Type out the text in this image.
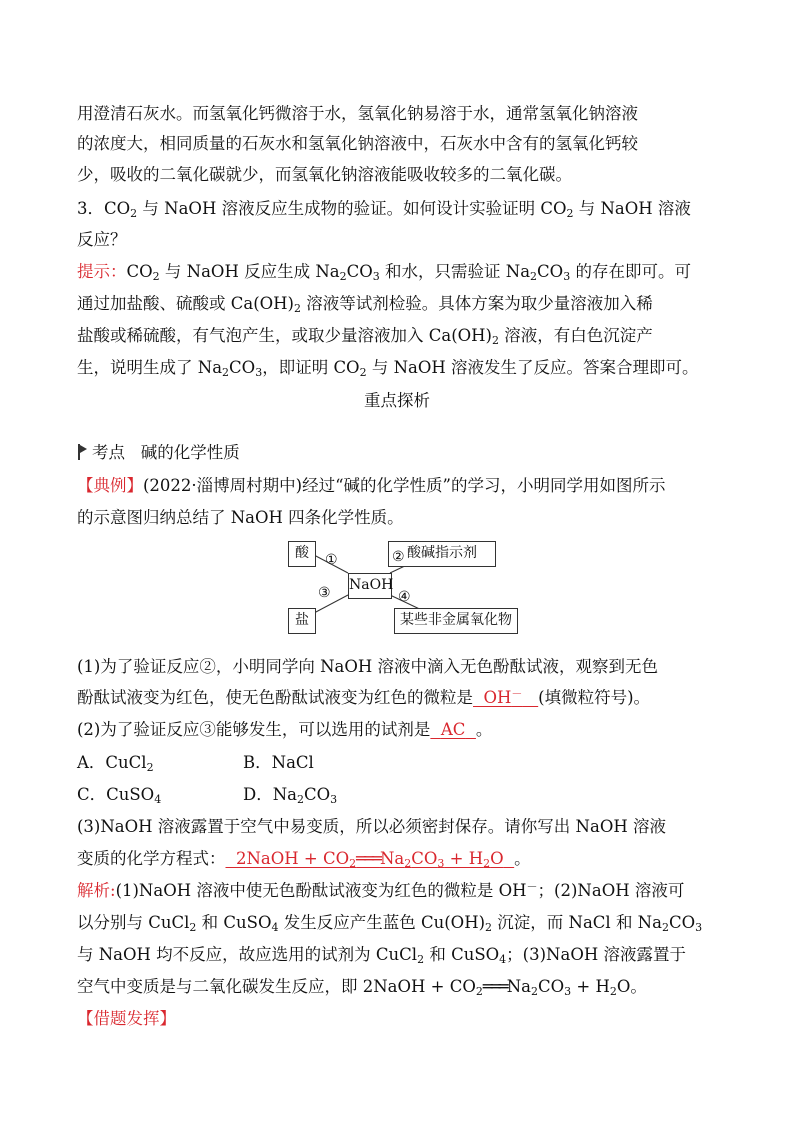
用澄清石灰水。而氢氧化钙微溶于水，氢氧化钠易溶于水，通常氢氧化钠溶液
的浓度大，相同质量的石灰水和氢氧化钠溶液中，石灰水中含有的氢氧化钙较
少，吸收的二氧化碳就少，而氢氧化钠溶液能吸收较多的二氧化碳。
3．$CO_2$ 与 NaOH 溶液反应生成物的验证。如何设计实验证明 $CO_2$ 与 NaOH 溶液
反应？
提示：$CO_2$ 与 NaOH 反应生成 $Na_2CO_3$ 和水，只需验证 $Na_2CO_3$ 的存在即可。可
通过加盐酸、硫酸或 $Ca(OH)_2$ 溶液等试剂检验。具体方案为取少量溶液加入稀
盐酸或稀硫酸，有气泡产生，或取少量溶液加入 $Ca(OH)_2$ 溶液，有白色沉淀产
生，说明生成了 $Na_2CO_3$，即证明 $CO_2$ 与 NaOH 溶液发生了反应。答案合理即可。
重点探析
考点 碱的化学性质
【典例】(2022·淄博周村期中)经过“碱的化学性质”的学习，小明同学用如图所示
的示意图归纳总结了 NaOH 四条化学性质。
酸
NaOH
酸碱指示剂
盐	某些非金属氧化物
①	②
③	④
(1)为了验证反应②，小明同学向 NaOH 溶液中滴入无色酚酞试液，观察到无色
酚酞试液变为红色，使无色酚酞试液变为红色的微粒是 OH－ (填微粒符号)。
(2)为了验证反应③能够发生，可以选用的试剂是 AC 。
A．CuCl$_2$	B．NaCl
C．CuSO$_4$	D．$Na_2CO_3$
(3)NaOH 溶液露置于空气中易变质，所以必须密封保存。请你写出 NaOH 溶液
变质的化学方程式： 2NaOH + $CO_2═══Na_2CO_3 + H_2O$ 。
解析:(1)NaOH 溶液中使无色酚酞试液变为红色的微粒是 OH－；(2)NaOH 溶液可
以分别与 CuCl$_2$ 和 CuSO$_4$ 发生反应产生蓝色 $Cu(OH)_2$ 沉淀，而 NaCl 和 $Na_2CO_3$
与 NaOH 均不反应，故应选用的试剂为 CuCl$_2$ 和 CuSO$_4$；(3)NaOH 溶液露置于
空气中变质是与二氧化碳发生反应，即 2NaOH + $CO_2═══Na_2CO_3 + H_2O$。
【借题发挥】
